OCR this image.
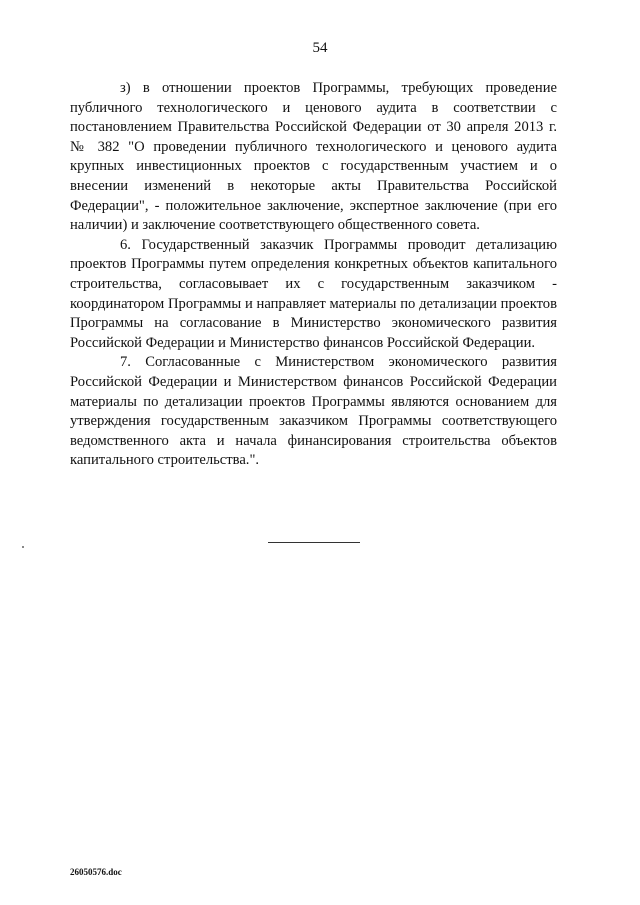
54

з) в отношении проектов Программы, требующих проведение публичного технологического и ценового аудита в соответствии с постановлением Правительства Российской Федерации от 30 апреля 2013 г. № 382 "О проведении публичного технологического и ценового аудита крупных инвестиционных проектов с государственным участием и о внесении изменений в некоторые акты Правительства Российской Федерации", - положительное заключение, экспертное заключение (при его наличии) и заключение соответствующего общественного совета.

6. Государственный заказчик Программы проводит детализацию проектов Программы путем определения конкретных объектов капитального строительства, согласовывает их с государственным заказчиком - координатором Программы и направляет материалы по детализации проектов Программы на согласование в Министерство экономического развития Российской Федерации и Министерство финансов Российской Федерации.

7. Согласованные с Министерством экономического развития Российской Федерации и Министерством финансов Российской Федерации материалы по детализации проектов Программы являются основанием для утверждения государственным заказчиком Программы соответствующего ведомственного акта и начала финансирования строительства объектов капитального строительства.".

26050576.doc
